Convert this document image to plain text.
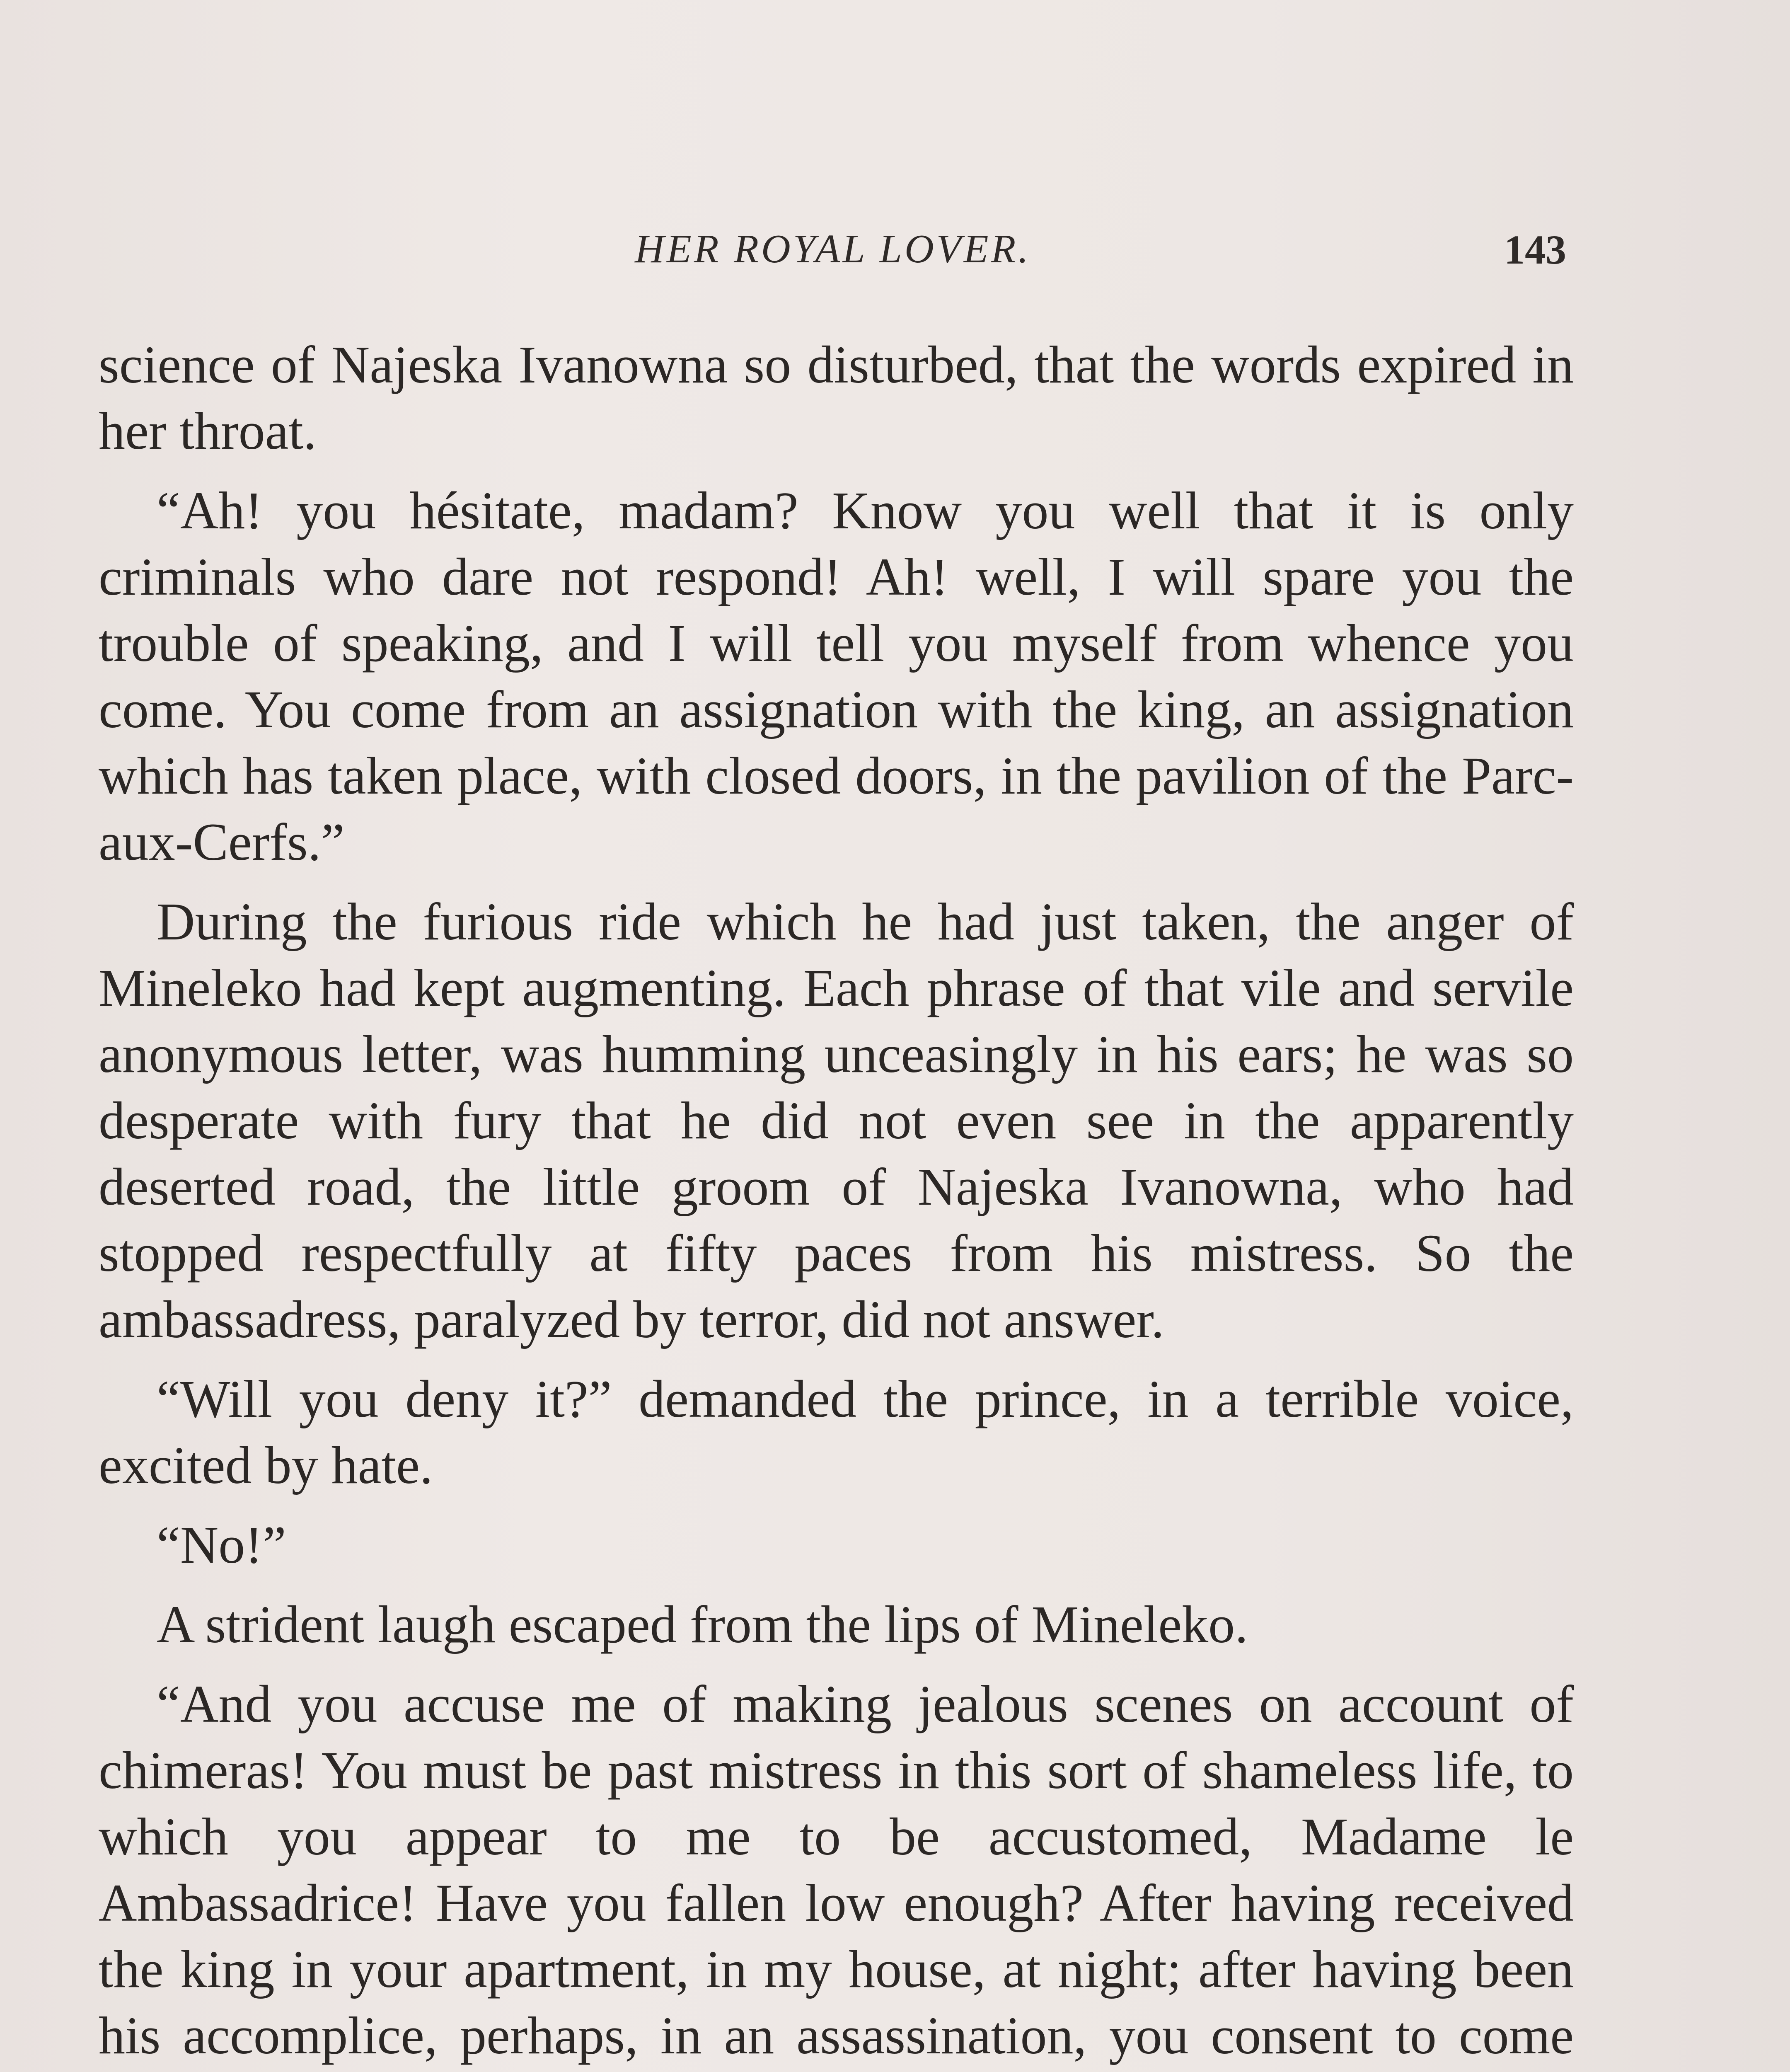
HER ROYAL LOVER.	143

science of Najeska Ivanowna so disturbed, that the words expired in her throat.

“Ah! you hésitate, madam? Know you well that it is only criminals who dare not respond! Ah! well, I will spare you the trouble of speaking, and I will tell you myself from whence you come. You come from an assignation with the king, an assignation which has taken place, with closed doors, in the pavilion of the Parc-aux-Cerfs.”

During the furious ride which he had just taken, the anger of Mineleko had kept augmenting. Each phrase of that vile and servile anonymous letter, was humming unceasingly in his ears; he was so desperate with fury that he did not even see in the apparently deserted road, the little groom of Najeska Ivanowna, who had stopped respectfully at fifty paces from his mistress. So the ambassadress, paralyzed by terror, did not answer.

“Will you deny it?” demanded the prince, in a terrible voice, excited by hate.

“No!”

A strident laugh escaped from the lips of Mineleko.

“And you accuse me of making jealous scenes on account of chimeras! You must be past mistress in this sort of shameless life, to which you appear to me to be accustomed, Madame le Ambassadrice! Have you fallen low enough? After having received the king in your apartment, in my house, at night; after having been his accomplice, perhaps, in an assassination, you consent to come
